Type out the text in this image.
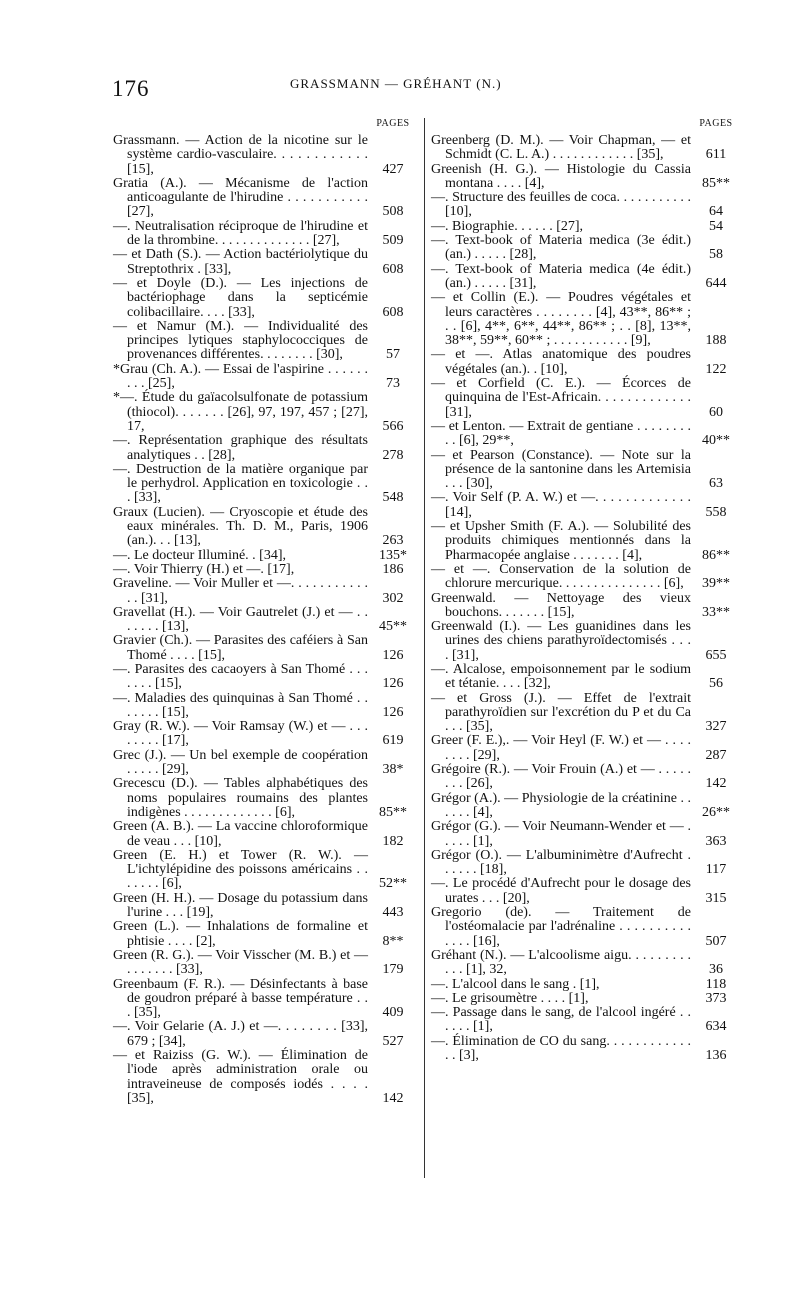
176	GRASSMANN — GRÉHANT (N.)
PAGES
Grassmann. — Action de la nicotine sur le système cardio-vasculaire. . . . . . . . . . . . [15],	427
Gratia (A.). — Mécanisme de l'action anticoagulante de l'hirudine . . . . . . . . . . . [27],	508
—. Neutralisation réciproque de l'hirudine et de la thrombine. . . . . . . . . . . . . . [27],	509
— et Dath (S.). — Action bactériolytique du Streptothrix . [33],	608
— et Doyle (D.). — Les injections de bactériophage dans la septicémie colibacillaire. . . . [33],	608
— et Namur (M.). — Individualité des principes lytiques staphylococciques de provenances différentes. . . . . . . . [30],	57
*Grau (Ch. A.). — Essai de l'aspirine . . . . . . . . . [25],	73
*—. Étude du gaïacolsulfonate de potassium (thiocol). . . . . . . [26], 97, 197, 457 ; [27], 17,	566
—. Représentation graphique des résultats analytiques . . [28],	278
—. Destruction de la matière organique par le perhydrol. Application en toxicologie . . . [33],	548
Graux (Lucien). — Cryoscopie et étude des eaux minérales. Th. D. M., Paris, 1906 (an.). . . [13],	263
—. Le docteur Illuminé. . [34],	135*
—. Voir Thierry (H.) et —. [17],	186
Graveline. — Voir Muller et —. . . . . . . . . . . . . [31],	302
Gravellat (H.). — Voir Gautrelet (J.) et — . . . . . . . [13],	45**
Gravier (Ch.). — Parasites des caféiers à San Thomé . . . . [15],	126
—. Parasites des cacaoyers à San Thomé . . . . . . . [15],	126
—. Maladies des quinquinas à San Thomé . . . . . . . [15],	126
Gray (R. W.). — Voir Ramsay (W.) et — . . . . . . . . [17],	619
Grec (J.). — Un bel exemple de coopération . . . . . [29],	38*
Grecescu (D.). — Tables alphabétiques des noms populaires roumains des plantes indigènes . . . . . . . . . . . . . [6],	85**
Green (A. B.). — La vaccine chloroformique de veau . . . [10],	182
Green (E. H.) et Tower (R. W.). — L'ichtylépidine des poissons américains . . . . . . . [6],	52**
Green (H. H.). — Dosage du potassium dans l'urine . . . [19],	443
Green (L.). — Inhalations de formaline et phtisie . . . . [2],	8**
Green (R. G.). — Voir Visscher (M. B.) et — . . . . . . . [33],	179
Greenbaum (F. R.). — Désinfectants à base de goudron préparé à basse température . . . [35],	409
—. Voir Gelarie (A. J.) et —. . . . . . . . [33], 679 ; [34],	527
— et Raiziss (G. W.). — Élimination de l'iode après administration orale ou intraveineuse de composés iodés . . . . [35],	142
PAGES
Greenberg (D. M.). — Voir Chapman, — et Schmidt (C. L. A.) . . . . . . . . . . . . [35],	611
Greenish (H. G.). — Histologie du Cassia montana . . . . [4],	85**
—. Structure des feuilles de coca. . . . . . . . . . . [10],	64
—. Biographie. . . . . . [27],	54
—. Text-book of Materia medica (3e édit.) (an.) . . . . . [28],	58
—. Text-book of Materia medica (4e édit.) (an.) . . . . . [31],	644
— et Collin (E.). — Poudres végétales et leurs caractères . . . . . . . . [4], 43**, 86** ; . . [6], 4**, 6**, 44**, 86** ; . . [8], 13**, 38**, 59**, 60** ; . . . . . . . . . . . [9],	188
— et —. Atlas anatomique des poudres végétales (an.). . [10],	122
— et Corfield (C. E.). — Écorces de quinquina de l'Est-Africain. . . . . . . . . . . . . [31],	60
— et Lenton. — Extrait de gentiane . . . . . . . . . . [6], 29**,	40**
— et Pearson (Constance). — Note sur la présence de la santonine dans les Artemisia . . . [30],	63
—. Voir Self (P. A. W.) et —. . . . . . . . . . . . . [14],	558
— et Upsher Smith (F. A.). — Solubilité des produits chimiques mentionnés dans la Pharmacopée anglaise . . . . . . . [4],	86**
— et —. Conservation de la solution de chlorure mercurique. . . . . . . . . . . . . . . [6],	39**
Greenwald. — Nettoyage des vieux bouchons. . . . . . . [15],	33**
Greenwald (I.). — Les guanidines dans les urines des chiens parathyroïdectomisés . . . . [31],	655
—. Alcalose, empoisonnement par le sodium et tétanie. . . . [32],	56
— et Gross (J.). — Effet de l'extrait parathyroïdien sur l'excrétion du P et du Ca . . . [35],	327
Greer (F. E.),. — Voir Heyl (F. W.) et — . . . . . . . . [29],	287
Grégoire (R.). — Voir Frouin (A.) et — . . . . . . . . [26],	142
Grégor (A.). — Physiologie de la créatinine . . . . . . [4],	26**
Grégor (G.). — Voir Neumann-Wender et — . . . . . [1],	363
Grégor (O.). — L'albuminimètre d'Aufrecht . . . . . . [18],	117
—. Le procédé d'Aufrecht pour le dosage des urates . . . [20],	315
Gregorio (de). — Traitement de l'ostéomalacie par l'adrénaline . . . . . . . . . . . . . . [16],	507
Gréhant (N.). — L'alcoolisme aigu. . . . . . . . . . . . [1], 32,	36
—. L'alcool dans le sang . [1],	118
—. Le grisoumètre . . . . [1],	373
—. Passage dans le sang, de l'alcool ingéré . . . . . . [1],	634
—. Élimination de CO du sang. . . . . . . . . . . . . . [3],	136
